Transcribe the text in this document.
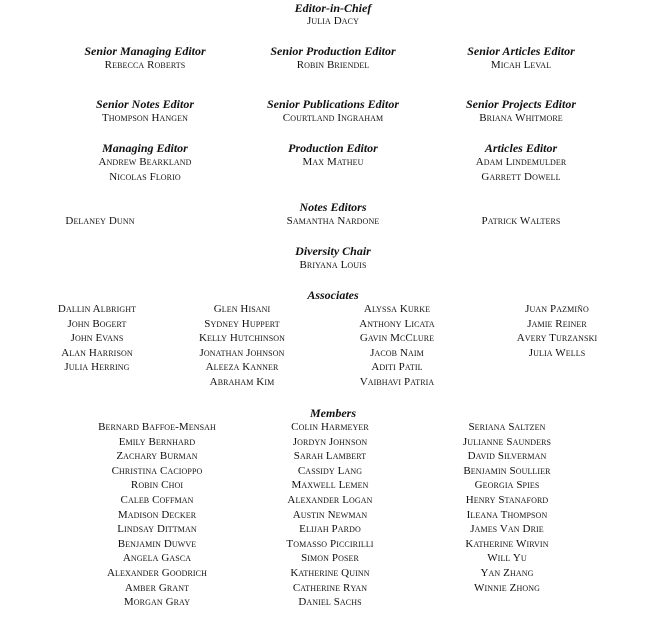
Editor-in-Chief
Julia Dacy
Senior Managing Editor
Rebecca Roberts
Senior Production Editor
Robin Briendel
Senior Articles Editor
Micah Leval
Senior Notes Editor
Thompson Hangen
Senior Publications Editor
Courtland Ingraham
Senior Projects Editor
Briana Whitmore
Managing Editor
Andrew Bearkland
Nicolas Florio
Production Editor
Max Matheu
Articles Editor
Adam Lindemulder
Garrett Dowell
Notes Editors
Delaney Dunn	Samantha Nardone	Patrick Walters
Diversity Chair
Briyana Louis
Associates
Dallin Albright
John Bogert
John Evans
Alan Harrison
Julia Herring
Glen Hisani
Sydney Huppert
Kelly Hutchinson
Jonathan Johnson
Aleeza Kanner
Abraham Kim
Alyssa Kurke
Anthony Licata
Gavin McClure
Jacob Naim
Aditi Patil
Vaibhavi Patria
Juan Pazmiño
Jamie Reiner
Avery Turzanski
Julia Wells
Members
Bernard Baffoe-Mensah
Emily Bernhard
Zachary Burman
Christina Cacioppo
Robin Choi
Caleb Coffman
Madison Decker
Lindsay Dittman
Benjamin Duwve
Angela Gasca
Alexander Goodrich
Amber Grant
Morgan Gray
Colin Harmeyer
Jordyn Johnson
Sarah Lambert
Cassidy Lang
Maxwell Lemen
Alexander Logan
Austin Newman
Elijah Pardo
Tomasso Piccirilli
Simon Poser
Katherine Quinn
Catherine Ryan
Daniel Sachs
Seriana Saltzen
Julianne Saunders
David Silverman
Benjamin Soullier
Georgia Spies
Henry Stanaford
Ileana Thompson
James Van Drie
Katherine Wirvin
Will Yu
Yan Zhang
Winnie Zhong
